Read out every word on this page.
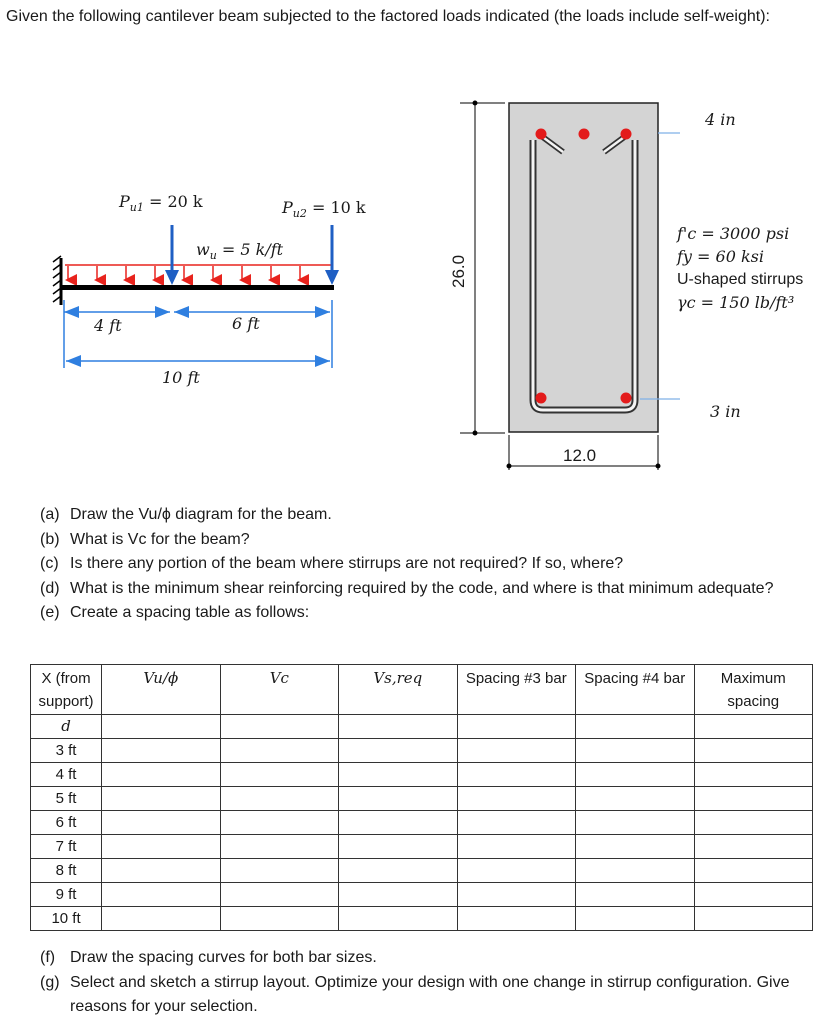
Given the following cantilever beam subjected to the factored loads indicated (the loads include self-weight):
$P_{u1} = 20$ k	$P_{u2} = 10$ k
$w_u = 5$ k/ft
4 ft	6 ft
10 ft
26.0
12.0
4 in
3 in
f'c = 3000 psi
fy = 60 ksi
U-shaped stirrups
γc = 150 lb/ft³
(a) Draw the Vu/ϕ diagram for the beam.
(b) What is Vc for the beam?
(c) Is there any portion of the beam where stirrups are not required? If so, where?
(d) What is the minimum shear reinforcing required by the code, and where is that minimum adequate?
(e) Create a spacing table as follows:
X (from support)	Vu/ϕ	Vc	Vs,req	Spacing #3 bar	Spacing #4 bar	Maximum spacing
d						
3 ft						
4 ft						
5 ft						
6 ft						
7 ft						
8 ft						
9 ft						
10 ft						
(f) Draw the spacing curves for both bar sizes.
(g) Select and sketch a stirrup layout. Optimize your design with one change in stirrup configuration. Give reasons for your selection.
